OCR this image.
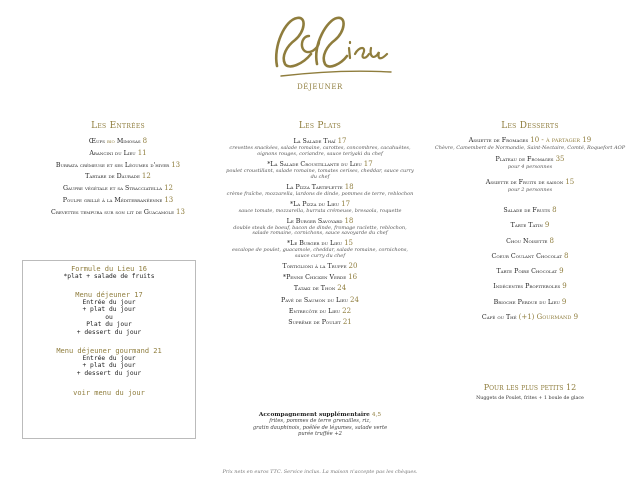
DÉJEUNER
Les Entrées	Les Plats	Les Desserts
Œufs bio Mimosas 8
Arancini du Lieu 11
Burrata crémeuse et ses Légumes d'hiver 13
Tartare de Daurade 12
Gaufre végétale et sa Stracciatella 12
Poulpe grillé à la Méditerranéenne 13
Crevettes tempura sur son lit de Guacamole 13
Formule du Lieu 16
*plat + salade de fruits
Menu déjeuner 17
Entrée du jour
+ plat du jour
ou
Plat du jour
+ dessert du jour
Menu déjeuner gourmand 21
Entrée du jour
+ plat du jour
+ dessert du jour
voir menu du jour
La Salade Thaï 17
crevettes snackées, salade romaine, carottes, concombres, cacahuètes, oignons rouges, coriandre, sauce teriyaki du chef
*La Salade Croustillante du Lieu 17
poulet croustillant, salade romaine, tomates cerises, cheddar, sauce curry du chef
La Pizza Tartiflette 18
crème fraîche, mozzarella, lardons de dinde, pommes de terre, reblochon
*La Pizza du Lieu 17
sauce tomate, mozzarella, burrata crémeuse, bresaola, roquette
Le Burger Savoyard 18
double steak de boeuf, bacon de dinde, fromage raclette, reblochon, salade romaine, cornichons, sauce savoyarde du chef
*Le Burger du Lieu 15
escalope de poulet, guacamole, cheddar, salade romaine, cornichons, sauce curry du chef
Tortiglioni à la Truffe 20
*Penne Chicken Verde 16
Tataki de Thon 24
Pavé de Saumon du Lieu 24
Entrecôte du Lieu 22
Suprême de Poulet 21
Accompagnement supplémentaire 4,5
frites, pommes de terre grenailles, riz,
gratin dauphinois, poêlée de légumes, salade verte
purée truffée +2
Assiette de Fromages 10 - à partager 19
Chèvre, Camembert de Normandie, Saint-Nectaire, Comté, Roquefort AOP
Plateau de Fromages 35
pour 4 personnes
Assiette de Fruits de saison 15
pour 2 personnes
Salade de Fruits 8
Tarte Tatin 9
Chou Noisette 8
Coeur Coulant Chocolat 8
Tarte Poire Chocolat 9
Indécentes Profiteroles 9
Brioche Perdue du Lieu 9
Café ou Thé (+1) Gourmand 9
Pour les plus petits 12
Nuggets de Poulet, frites + 1 boule de glace
Prix nets en euros TTC. Service inclus. La maison n'accepte pas les chèques.
